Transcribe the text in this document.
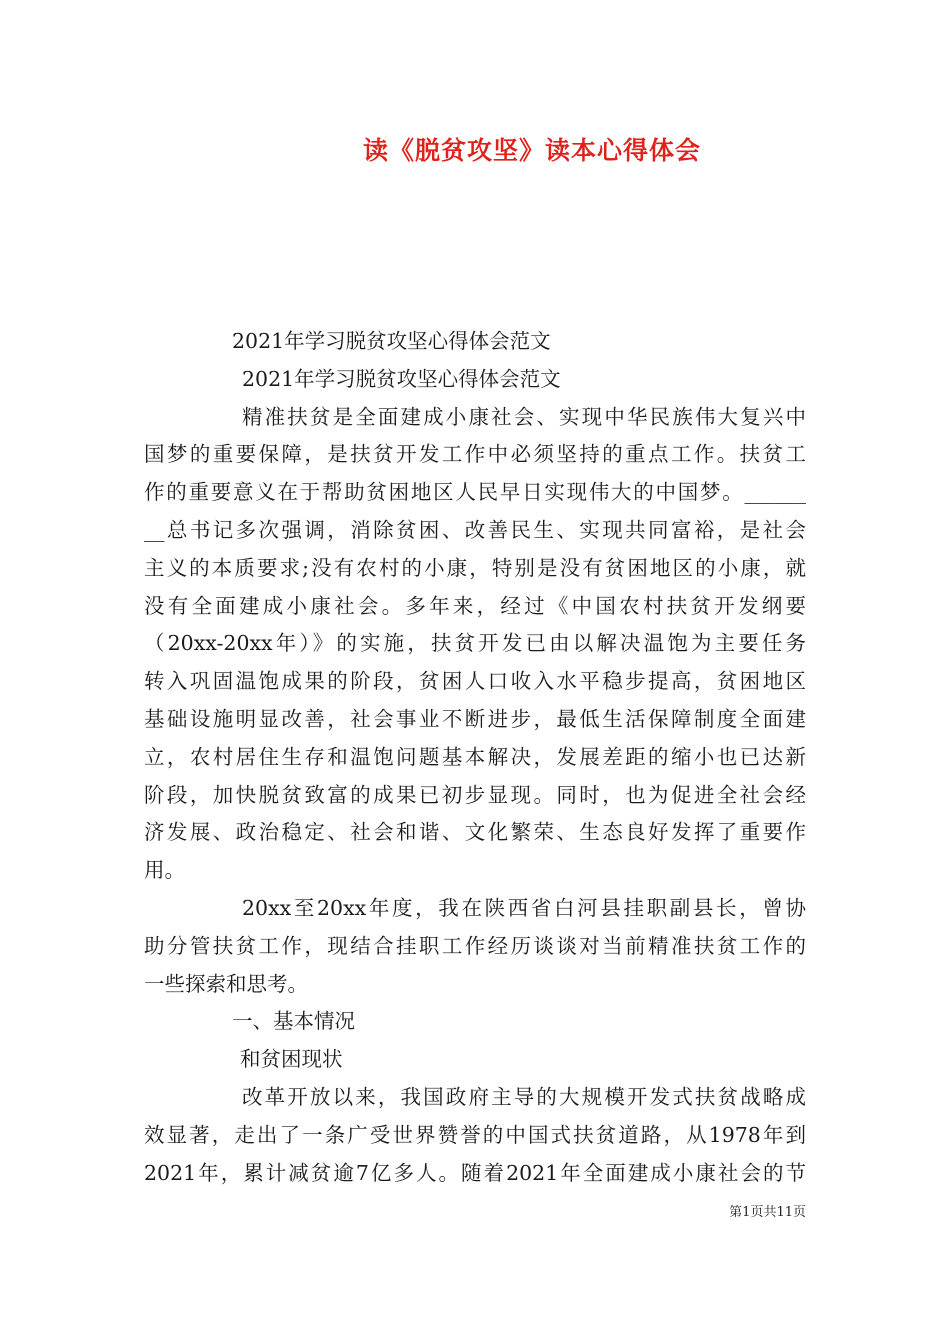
读《脱贫攻坚》读本心得体会
2021年学习脱贫攻坚心得体会范文
2021年学习脱贫攻坚心得体会范文
精准扶贫是全面建成小康社会、实现中华民族伟大复兴中
国梦的重要保障，是扶贫开发工作中必须坚持的重点工作。扶贫工
作的重要意义在于帮助贫困地区人民早日实现伟大的中国梦。______
__总书记多次强调，消除贫困、改善民生、实现共同富裕，是社会
主义的本质要求;没有农村的小康，特别是没有贫困地区的小康，就
没有全面建成小康社会。多年来，经过《中国农村扶贫开发纲要
（20xx-20xx年）》的实施，扶贫开发已由以解决温饱为主要任务
转入巩固温饱成果的阶段，贫困人口收入水平稳步提高，贫困地区
基础设施明显改善，社会事业不断进步，最低生活保障制度全面建
立，农村居住生存和温饱问题基本解决，发展差距的缩小也已达新
阶段，加快脱贫致富的成果已初步显现。同时，也为促进全社会经
济发展、政治稳定、社会和谐、文化繁荣、生态良好发挥了重要作
用。
20xx至20xx年度，我在陕西省白河县挂职副县长，曾协
助分管扶贫工作，现结合挂职工作经历谈谈对当前精准扶贫工作的
一些探索和思考。
一、基本情况
和贫困现状
改革开放以来，我国政府主导的大规模开发式扶贫战略成
效显著，走出了一条广受世界赞誉的中国式扶贫道路，从1978年到
2021年，累计减贫逾7亿多人。随着2021年全面建成小康社会的节
第1页共11页
